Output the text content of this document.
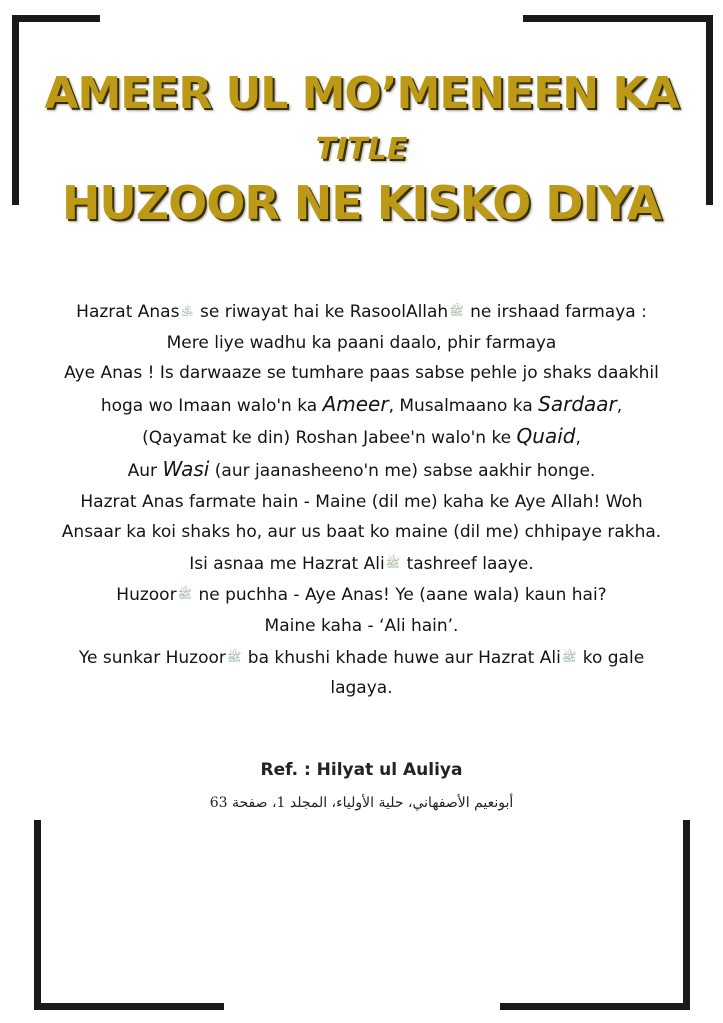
AMEER UL MO’MENEEN KA
TITLE
HUZOOR NE KISKO DIYA
Hazrat Anas﵁ se riwayat hai ke RasoolAllahﷺ ne irshaad farmaya :
Mere liye wadhu ka paani daalo, phir farmaya
Aye Anas ! Is darwaaze se tumhare paas sabse pehle jo shaks daakhil
hoga wo Imaan walo'n ka Ameer, Musalmaano ka Sardaar,
(Qayamat ke din) Roshan Jabee'n walo'n ke Quaid,
Aur Wasi (aur jaanasheeno'n me) sabse aakhir honge.
Hazrat Anas farmate hain - Maine (dil me) kaha ke Aye Allah! Woh
Ansaar ka koi shaks ho, aur us baat ko maine (dil me) chhipaye rakha.
Isi asnaa me Hazrat Aliﷺ tashreef laaye.
Huzoorﷺ ne puchha - Aye Anas! Ye (aane wala) kaun hai?
Maine kaha - ‘Ali hain’.
Ye sunkar Huzoorﷺ ba khushi khade huwe aur Hazrat Aliﷺ ko gale
lagaya.
Ref. : Hilyat ul Auliya
أبونعيم الأصفهاني، حلية الأولياء، المجلد 1، صفحة 63
